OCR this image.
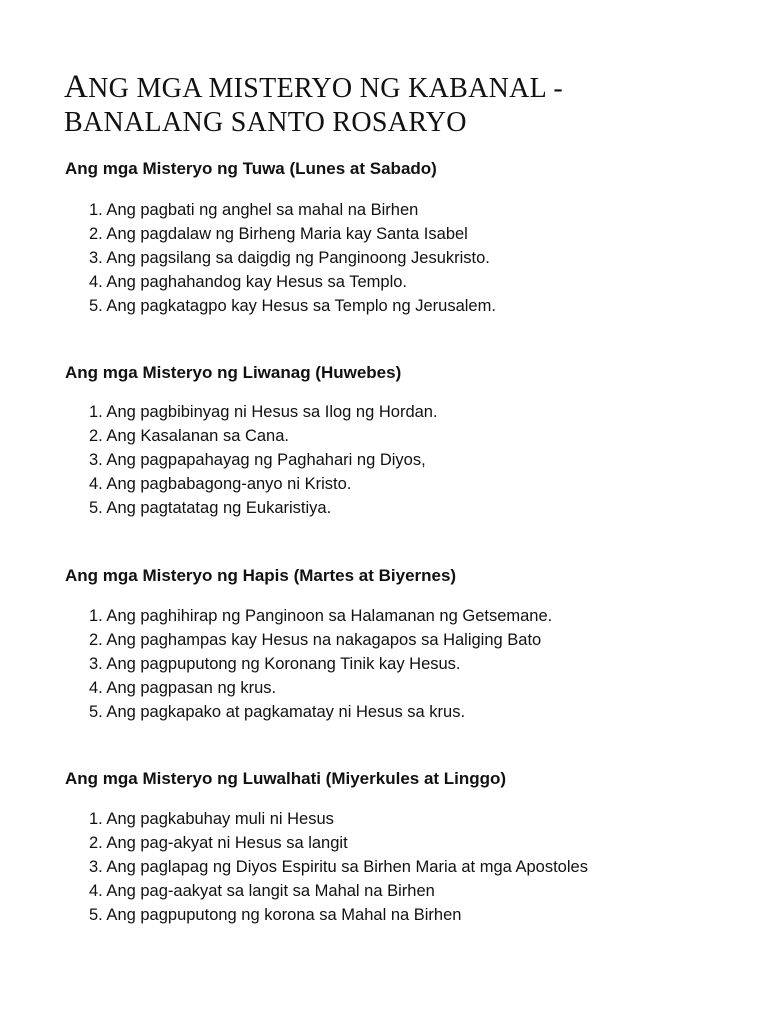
ANG MGA MISTERYO NG KABANAL -
BANALANG SANTO ROSARYO
Ang mga Misteryo ng Tuwa (Lunes at Sabado)
1. Ang pagbati ng anghel sa mahal na Birhen
2. Ang pagdalaw ng Birheng Maria kay Santa Isabel
3. Ang pagsilang sa daigdig ng Panginoong Jesukristo.
4. Ang paghahandog kay Hesus sa Templo.
5. Ang pagkatagpo kay Hesus sa Templo ng Jerusalem.
Ang mga Misteryo ng Liwanag (Huwebes)
1. Ang pagbibinyag ni Hesus sa Ilog ng Hordan.
2. Ang Kasalanan sa Cana.
3. Ang pagpapahayag ng Paghahari ng Diyos,
4. Ang pagbabagong-anyo ni Kristo.
5. Ang pagtatatag ng Eukaristiya.
Ang mga Misteryo ng Hapis (Martes at Biyernes)
1. Ang paghihirap ng Panginoon sa Halamanan ng Getsemane.
2. Ang paghampas kay Hesus na nakagapos sa Haliging Bato
3. Ang pagpuputong ng Koronang Tinik kay Hesus.
4. Ang pagpasan ng krus.
5. Ang pagkapako at pagkamatay ni Hesus sa krus.
Ang mga Misteryo ng Luwalhati (Miyerkules at Linggo)
1. Ang pagkabuhay muli ni Hesus
2. Ang pag-akyat ni Hesus sa langit
3. Ang paglapag ng Diyos Espiritu sa Birhen Maria at mga Apostoles
4. Ang pag-aakyat sa langit sa Mahal na Birhen
5. Ang pagpuputong ng korona sa Mahal na Birhen
